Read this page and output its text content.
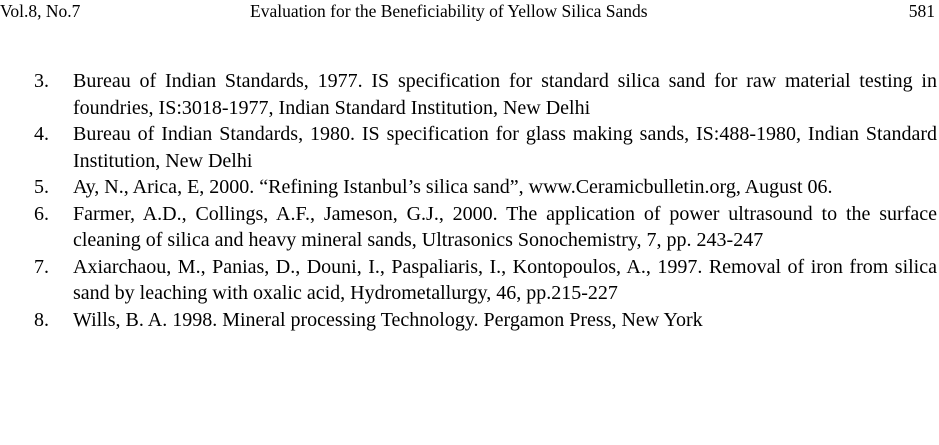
Vol.8, No.7	Evaluation for the Beneficiability of Yellow Silica Sands	581
3. Bureau of Indian Standards, 1977. IS specification for standard silica sand for raw material testing in foundries, IS:3018-1977, Indian Standard Institution, New Delhi
4. Bureau of Indian Standards, 1980. IS specification for glass making sands, IS:488-1980, Indian Standard Institution, New Delhi
5. Ay, N., Arica, E, 2000. “Refining Istanbul’s silica sand”, www.Ceramicbulletin.org, August 06.
6. Farmer, A.D., Collings, A.F., Jameson, G.J., 2000. The application of power ultrasound to the surface cleaning of silica and heavy mineral sands, Ultrasonics Sonochemistry, 7, pp. 243-247
7. Axiarchaou, M., Panias, D., Douni, I., Paspaliaris, I., Kontopoulos, A., 1997. Removal of iron from silica sand by leaching with oxalic acid, Hydrometallurgy, 46, pp.215-227
8. Wills, B. A. 1998. Mineral processing Technology. Pergamon Press, New York
